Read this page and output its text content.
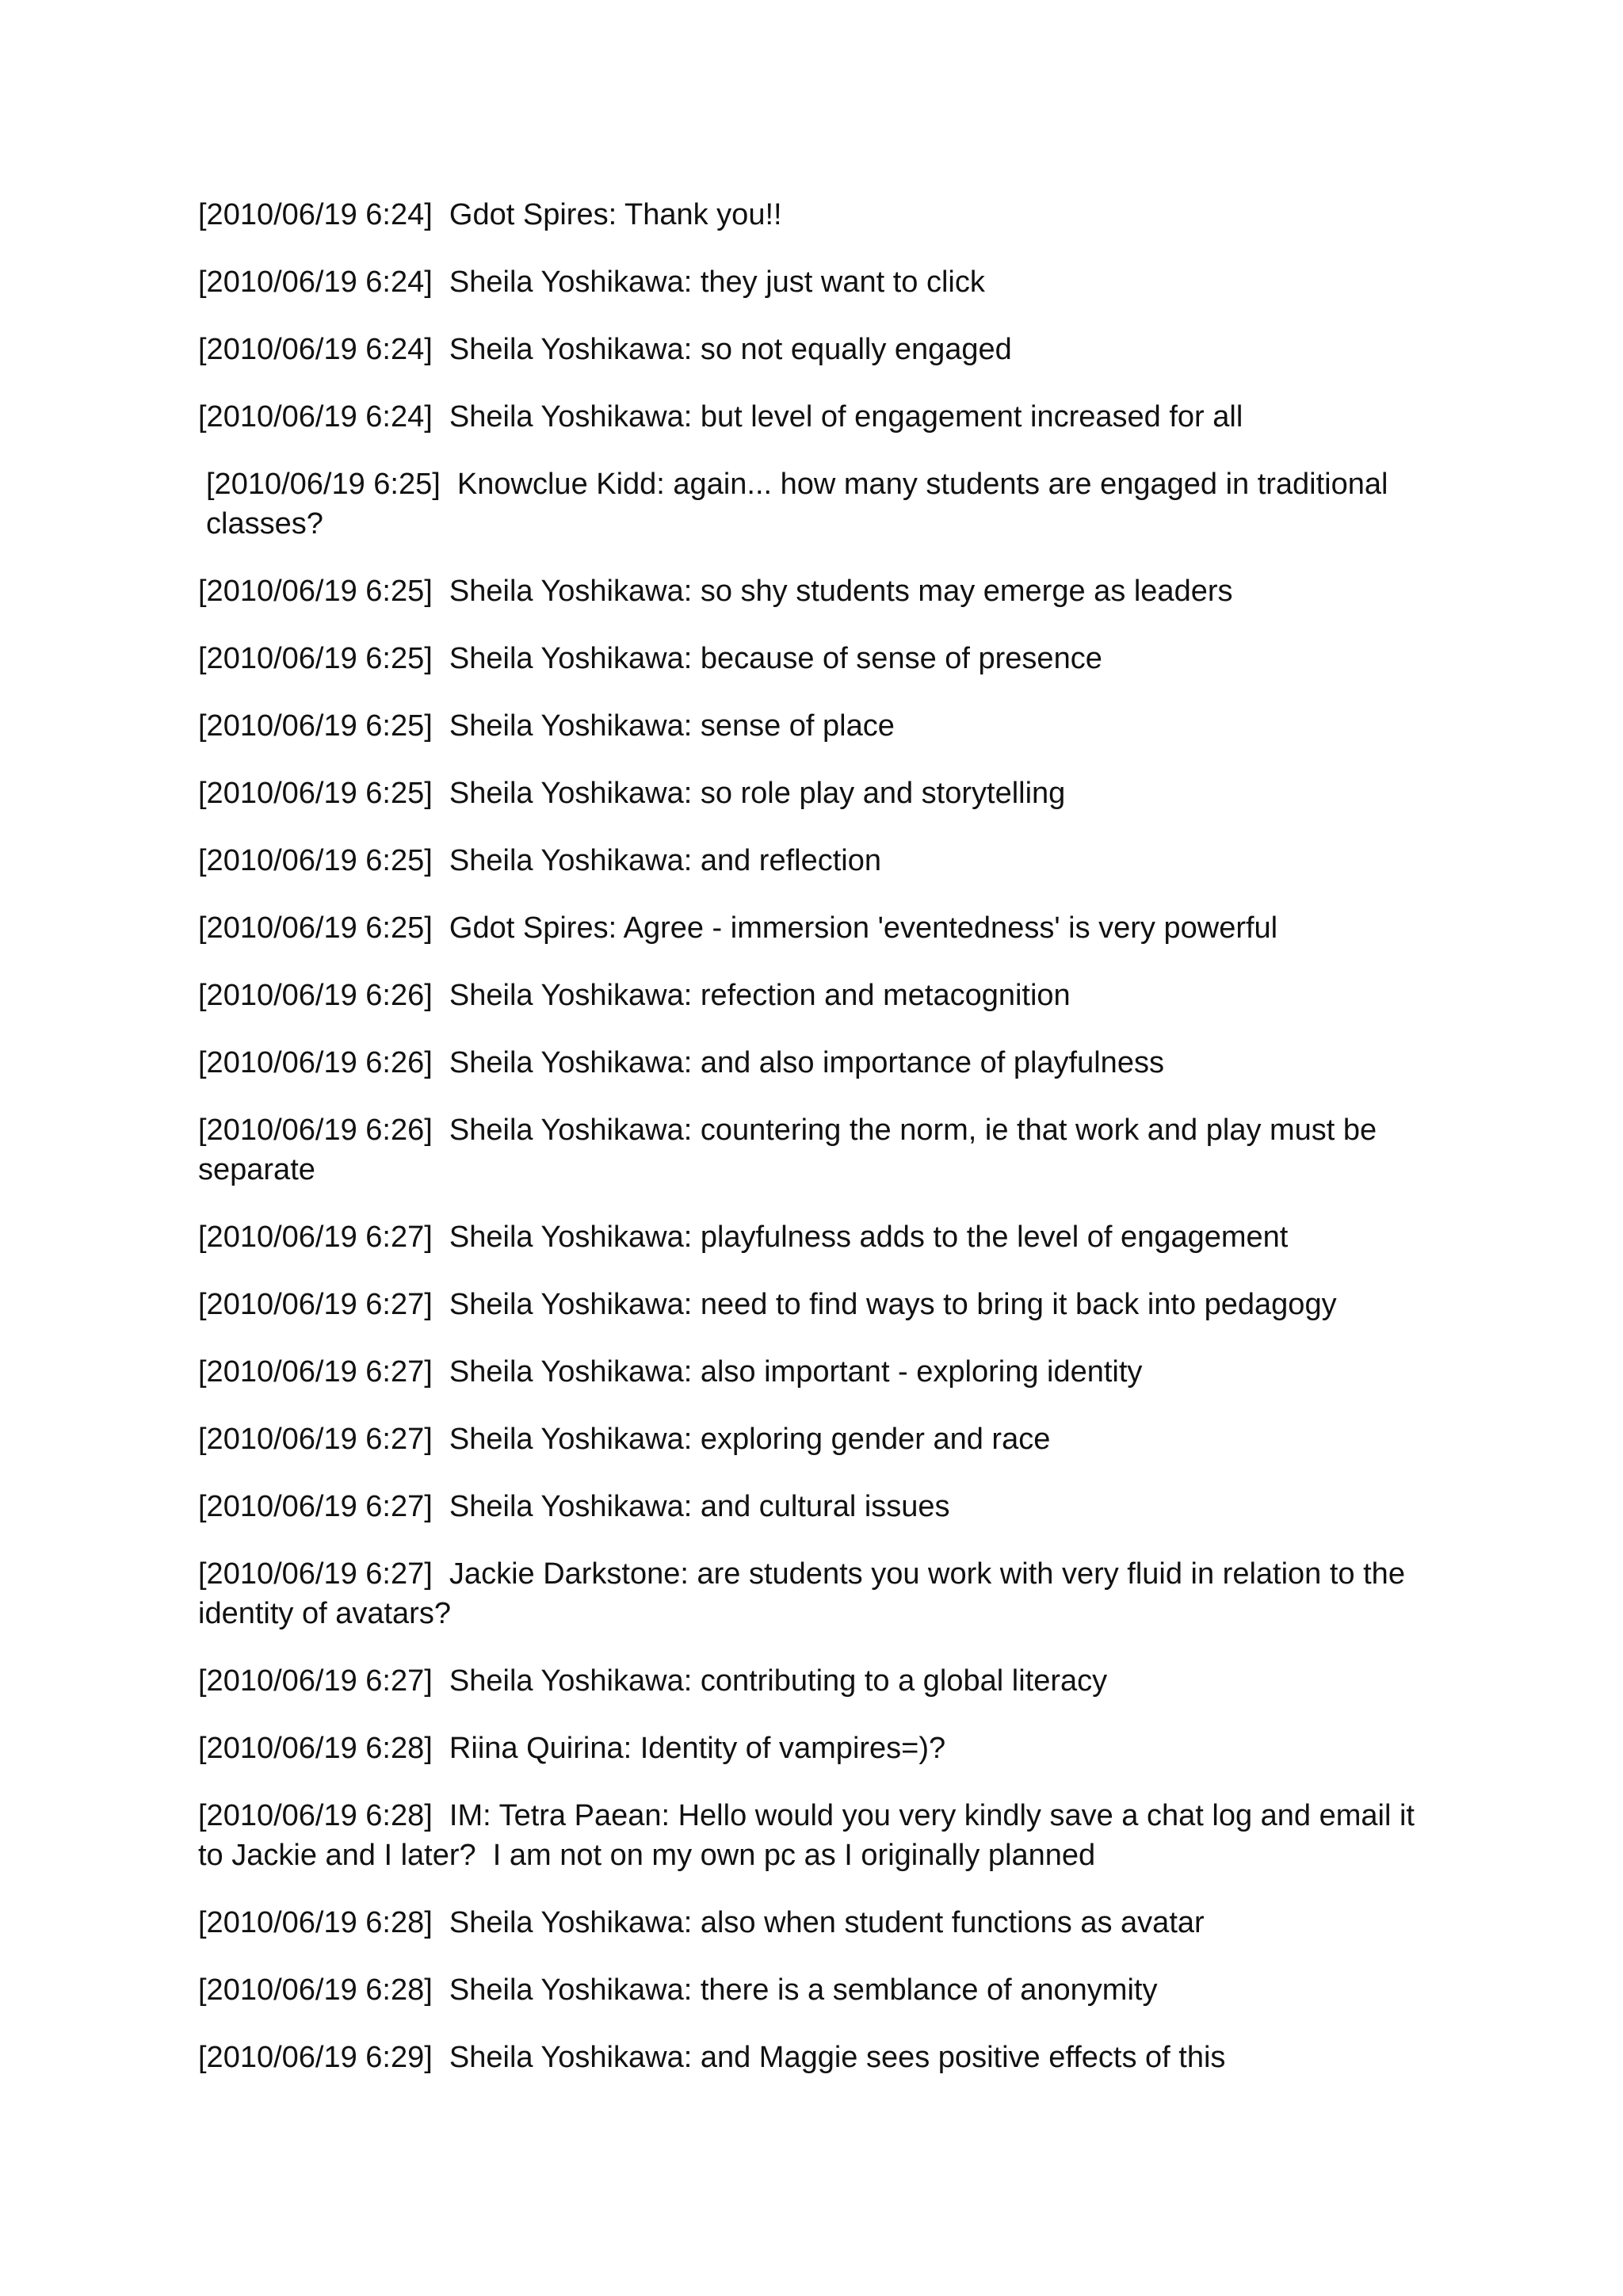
[2010/06/19 6:24]  Gdot Spires: Thank you!!

[2010/06/19 6:24]  Sheila Yoshikawa: they just want to click

[2010/06/19 6:24]  Sheila Yoshikawa: so not equally engaged

[2010/06/19 6:24]  Sheila Yoshikawa: but level of engagement increased for all

[2010/06/19 6:25]  Knowclue Kidd: again... how many students are engaged in traditional classes?

[2010/06/19 6:25]  Sheila Yoshikawa: so shy students may emerge as leaders

[2010/06/19 6:25]  Sheila Yoshikawa: because of sense of presence

[2010/06/19 6:25]  Sheila Yoshikawa: sense of place

[2010/06/19 6:25]  Sheila Yoshikawa: so role play and storytelling

[2010/06/19 6:25]  Sheila Yoshikawa: and reflection

[2010/06/19 6:25]  Gdot Spires: Agree - immersion 'eventedness' is very powerful

[2010/06/19 6:26]  Sheila Yoshikawa: refection and metacognition

[2010/06/19 6:26]  Sheila Yoshikawa: and also importance of playfulness

[2010/06/19 6:26]  Sheila Yoshikawa: countering the norm, ie that work and play must be separate

[2010/06/19 6:27]  Sheila Yoshikawa: playfulness adds to the level of engagement

[2010/06/19 6:27]  Sheila Yoshikawa: need to find ways to bring it back into pedagogy

[2010/06/19 6:27]  Sheila Yoshikawa: also important - exploring identity

[2010/06/19 6:27]  Sheila Yoshikawa: exploring gender and race

[2010/06/19 6:27]  Sheila Yoshikawa: and cultural issues

[2010/06/19 6:27]  Jackie Darkstone: are students you work with very fluid in relation to the identity of avatars?

[2010/06/19 6:27]  Sheila Yoshikawa: contributing to a global literacy

[2010/06/19 6:28]  Riina Quirina: Identity of vampires=)?

[2010/06/19 6:28]  IM: Tetra Paean: Hello would you very kindly save a chat log and email it to Jackie and I later?  I am not on my own pc as I originally planned

[2010/06/19 6:28]  Sheila Yoshikawa: also when student functions as avatar

[2010/06/19 6:28]  Sheila Yoshikawa: there is a semblance of anonymity

[2010/06/19 6:29]  Sheila Yoshikawa: and Maggie sees positive effects of this
